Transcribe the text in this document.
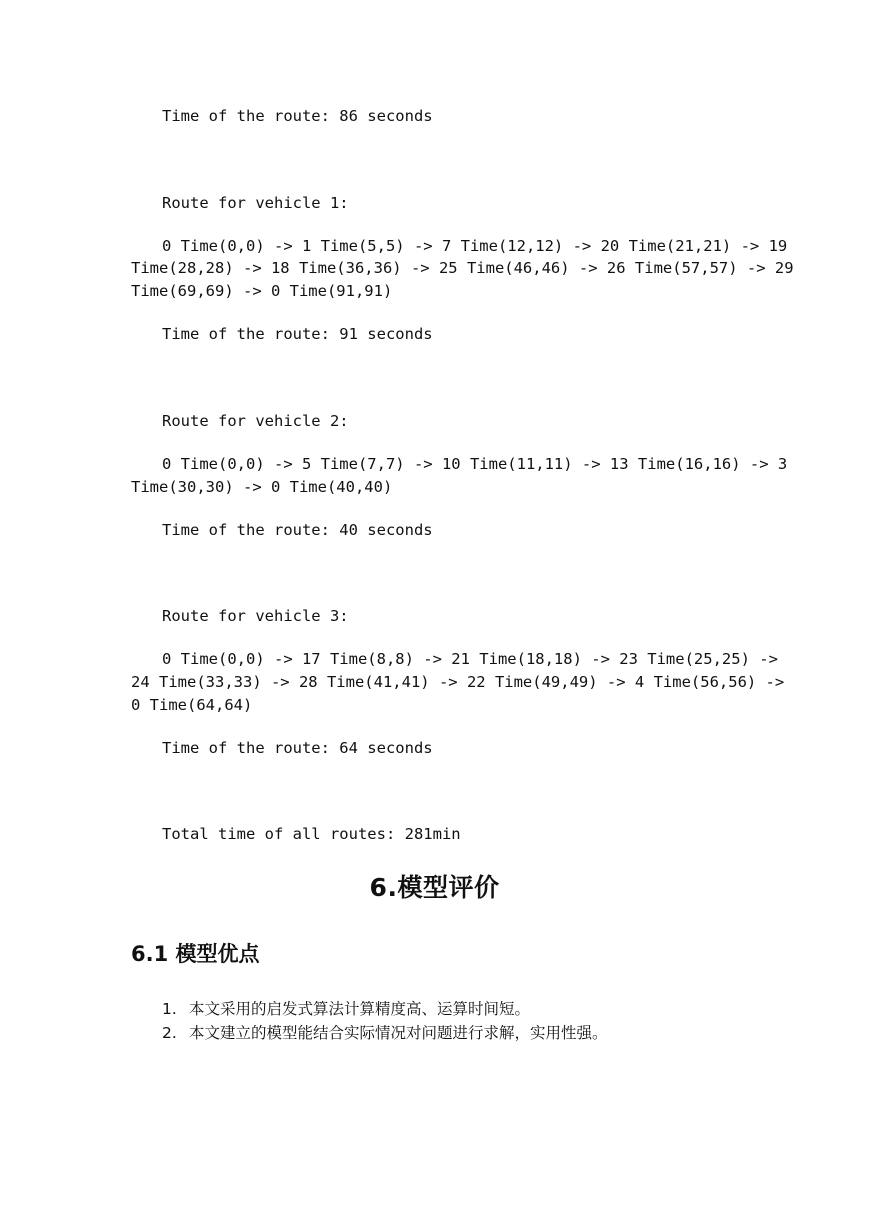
Time of the route: 86 seconds
Route for vehicle 1:
0 Time(0,0) -> 1 Time(5,5) -> 7 Time(12,12) -> 20 Time(21,21) -> 19
Time(28,28) -> 18 Time(36,36) -> 25 Time(46,46) -> 26 Time(57,57) -> 29
Time(69,69) -> 0 Time(91,91)
Time of the route: 91 seconds
Route for vehicle 2:
0 Time(0,0) -> 5 Time(7,7) -> 10 Time(11,11) -> 13 Time(16,16) -> 3
Time(30,30) -> 0 Time(40,40)
Time of the route: 40 seconds
Route for vehicle 3:
0 Time(0,0) -> 17 Time(8,8) -> 21 Time(18,18) -> 23 Time(25,25) ->
24 Time(33,33) -> 28 Time(41,41) -> 22 Time(49,49) -> 4 Time(56,56) ->
0 Time(64,64)
Time of the route: 64 seconds
Total time of all routes: 281min
6.模型评价
6.1 模型优点
1. 本文采用的启发式算法计算精度高、运算时间短。
2. 本文建立的模型能结合实际情况对问题进行求解，实用性强。
